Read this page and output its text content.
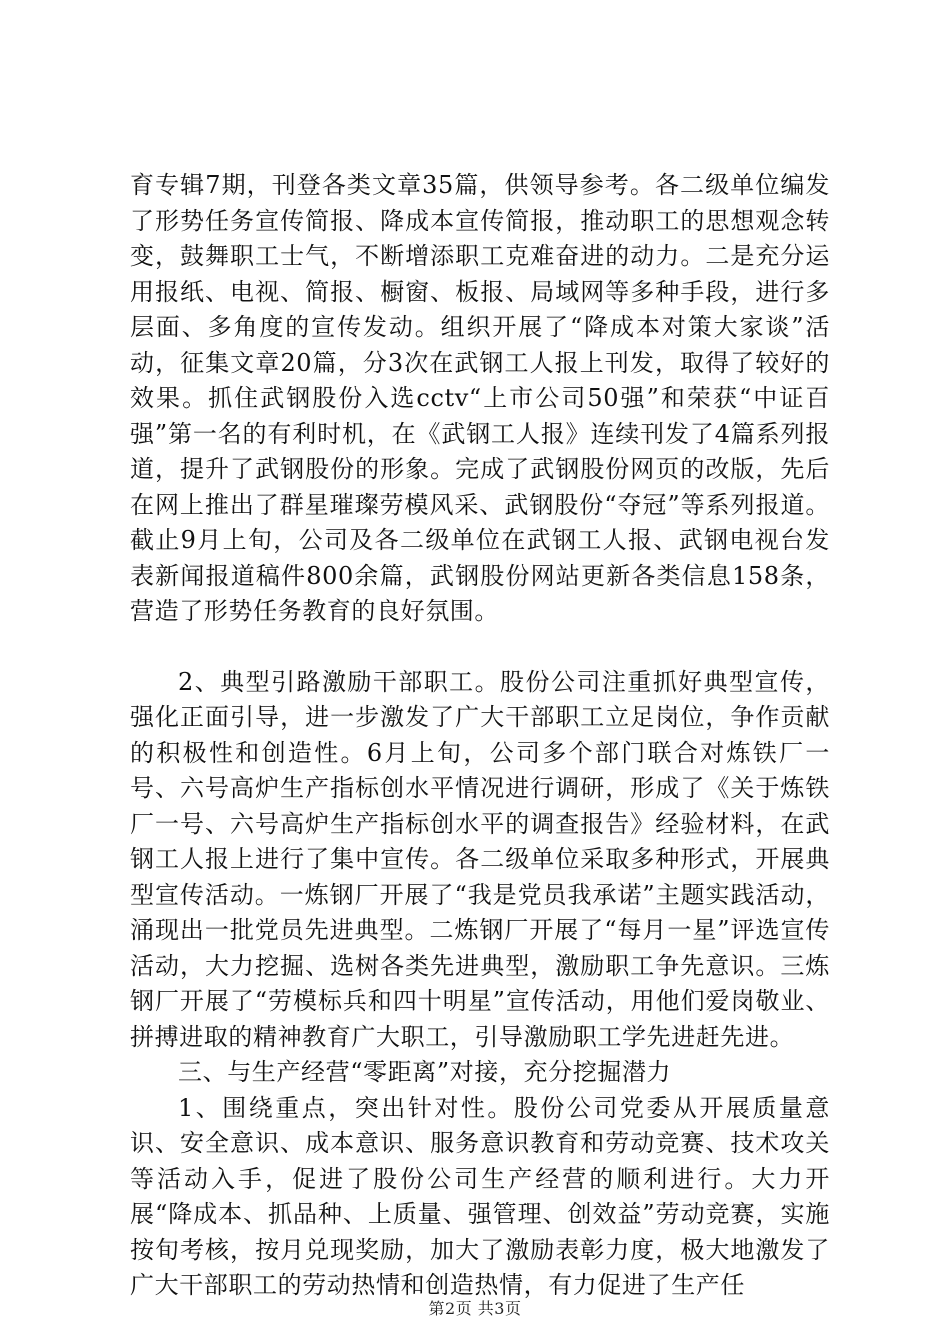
育专辑7期，刊登各类文章35篇，供领导参考。各二级单位编发了形势任务宣传简报、降成本宣传简报，推动职工的思想观念转变，鼓舞职工士气，不断增添职工克难奋进的动力。二是充分运用报纸、电视、简报、橱窗、板报、局域网等多种手段，进行多层面、多角度的宣传发动。组织开展了“降成本对策大家谈”活动，征集文章20篇，分3次在武钢工人报上刊发，取得了较好的效果。抓住武钢股份入选cctv“上市公司50强”和荣获“中证百强”第一名的有利时机，在《武钢工人报》连续刊发了4篇系列报道，提升了武钢股份的形象。完成了武钢股份网页的改版，先后在网上推出了群星璀璨劳模风采、武钢股份“夺冠”等系列报道。截止9月上旬，公司及各二级单位在武钢工人报、武钢电视台发表新闻报道稿件800余篇，武钢股份网站更新各类信息158条，营造了形势任务教育的良好氛围。

2、典型引路激励干部职工。股份公司注重抓好典型宣传，强化正面引导，进一步激发了广大干部职工立足岗位，争作贡献的积极性和创造性。6月上旬，公司多个部门联合对炼铁厂一号、六号高炉生产指标创水平情况进行调研，形成了《关于炼铁厂一号、六号高炉生产指标创水平的调查报告》经验材料，在武钢工人报上进行了集中宣传。各二级单位采取多种形式，开展典型宣传活动。一炼钢厂开展了“我是党员我承诺”主题实践活动，涌现出一批党员先进典型。二炼钢厂开展了“每月一星”评选宣传活动，大力挖掘、选树各类先进典型，激励职工争先意识。三炼钢厂开展了“劳模标兵和四十明星”宣传活动，用他们爱岗敬业、拼搏进取的精神教育广大职工，引导激励职工学先进赶先进。

三、与生产经营“零距离”对接，充分挖掘潜力

1、围绕重点，突出针对性。股份公司党委从开展质量意识、安全意识、成本意识、服务意识教育和劳动竞赛、技术攻关等活动入手，促进了股份公司生产经营的顺利进行。大力开展“降成本、抓品种、上质量、强管理、创效益”劳动竞赛，实施按旬考核，按月兑现奖励，加大了激励表彰力度，极大地激发了广大干部职工的劳动热情和创造热情，有力促进了生产任

第2页 共3页
